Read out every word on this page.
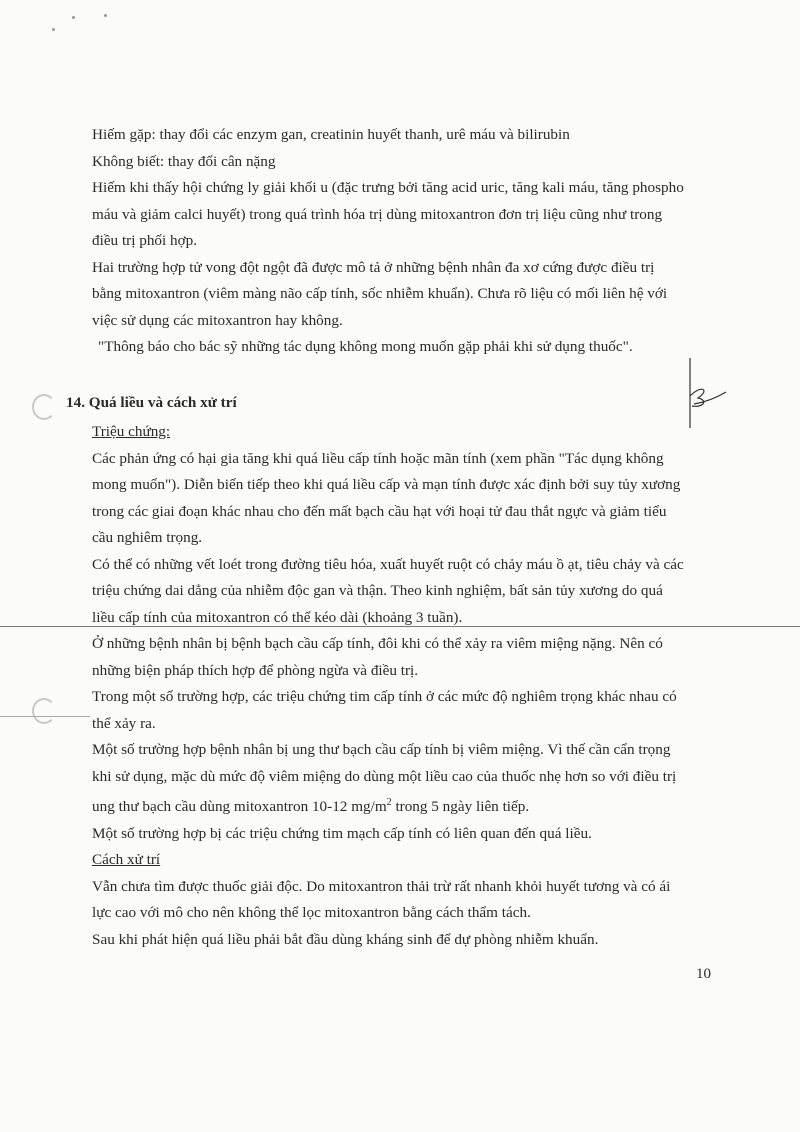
Hiếm gặp: thay đổi các enzym gan, creatinin huyết thanh, urê máu và bilirubin

Không biết: thay đổi cân nặng

Hiếm khi thấy hội chứng ly giải khối u (đặc trưng bởi tăng acid uric, tăng kali máu, tăng phospho

máu và giảm calci huyết) trong quá trình hóa trị dùng mitoxantron đơn trị liệu cũng như trong

điều trị phối hợp.

Hai trường hợp tử vong đột ngột đã được mô tả ở những bệnh nhân đa xơ cứng được điều trị

bằng mitoxantron (viêm màng não cấp tính, sốc nhiễm khuẩn). Chưa rõ liệu có mối liên hệ với

việc sử dụng các mitoxantron hay không.

"Thông báo cho bác sỹ những tác dụng không mong muốn gặp phải khi sử dụng thuốc".

14. Quá liều và cách xử trí

Triệu chứng:

Các phản ứng có hại gia tăng khi quá liều cấp tính hoặc mãn tính (xem phần "Tác dụng không

mong muốn"). Diễn biến tiếp theo khi quá liều cấp và mạn tính được xác định bởi suy tủy xương

trong các giai đoạn khác nhau cho đến mất bạch cầu hạt với hoại tử đau thắt ngực và giảm tiểu

cầu nghiêm trọng.

Có thể có những vết loét trong đường tiêu hóa, xuất huyết ruột có chảy máu ồ ạt, tiêu chảy và các

triệu chứng dai dẳng của nhiễm độc gan và thận. Theo kinh nghiệm, bất sản tủy xương do quá

liều cấp tính của mitoxantron có thể kéo dài (khoảng 3 tuần).

Ở những bệnh nhân bị bệnh bạch cầu cấp tính, đôi khi có thể xảy ra viêm miệng nặng. Nên có

những biện pháp thích hợp để phòng ngừa và điều trị.

Trong một số trường hợp, các triệu chứng tim cấp tính ở các mức độ nghiêm trọng khác nhau có

thể xảy ra.

Một số trường hợp bệnh nhân bị ung thư bạch cầu cấp tính bị viêm miệng. Vì thế cần cẩn trọng

khi sử dụng, mặc dù mức độ viêm miệng do dùng một liều cao của thuốc nhẹ hơn so với điều trị

ung thư bạch cầu dùng mitoxantron 10-12 $mg/m^2$ trong 5 ngày liên tiếp.

Một số trường hợp bị các triệu chứng tim mạch cấp tính có liên quan đến quá liều.

Cách xử trí

Vẫn chưa tìm được thuốc giải độc. Do mitoxantron thải trừ rất nhanh khỏi huyết tương và có ái

lực cao với mô cho nên không thể lọc mitoxantron bằng cách thẩm tách.

Sau khi phát hiện quá liều phải bắt đầu dùng kháng sinh để dự phòng nhiễm khuẩn.

10
